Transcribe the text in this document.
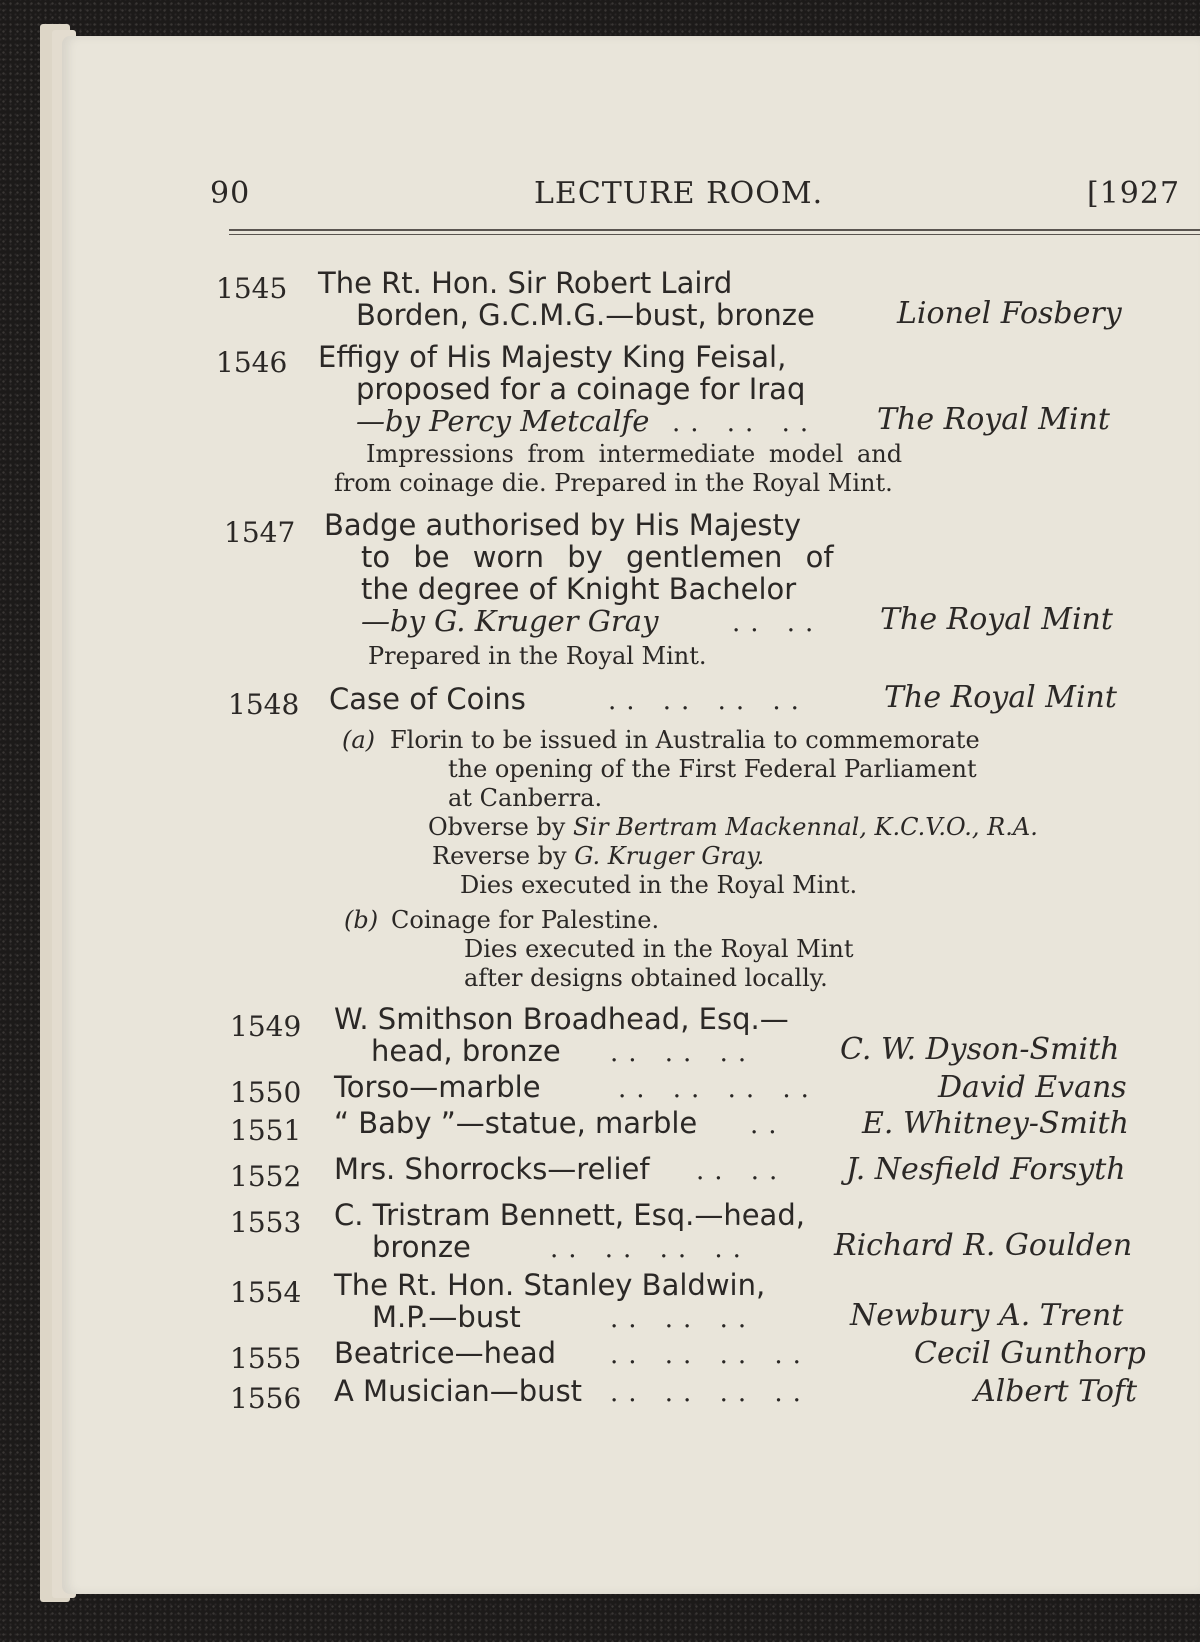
90	LECTURE ROOM.	[1927
1545 The Rt. Hon. Sir Robert Laird
Borden, G.C.M.G.—bust, bronze	Lionel Fosbery
1546 Effigy of His Majesty King Feisal,
proposed for a coinage for Iraq
—by Percy Metcalfe .. .. .. The Royal Mint
Impressions from intermediate model and
from coinage die. Prepared in the Royal Mint.
1547 Badge authorised by His Majesty
to be worn by gentlemen of
the degree of Knight Bachelor
—by G. Kruger Gray	.. .. The Royal Mint
Prepared in the Royal Mint.
1548 Case of Coins	.. .. .. ..	The Royal Mint
(a) Florin to be issued in Australia to commemorate
the opening of the First Federal Parliament
at Canberra.
Obverse by Sir Bertram Mackennal, K.C.V.O., R.A.
Reverse by G. Kruger Gray.
Dies executed in the Royal Mint.
(b) Coinage for Palestine.
Dies executed in the Royal Mint
after designs obtained locally.
1549 W. Smithson Broadhead, Esq.—
head, bronze .. .. ..	C. W. Dyson-Smith
1550 Torso—marble	.. .. .. ..	David Evans
1551 “ Baby ”—statue, marble ..	E. Whitney-Smith
1552 Mrs. Shorrocks—relief .. .. J. Nesfield Forsyth
1553 C. Tristram Bennett, Esq.—head,
bronze	.. .. .. ..	Richard R. Goulden
1554 The Rt. Hon. Stanley Baldwin,
M.P.—bust	.. .. ..	Newbury A. Trent
1555 Beatrice—head .. .. .. ..	Cecil Gunthorp
1556 A Musician—bust .. .. .. ..	Albert Toft
